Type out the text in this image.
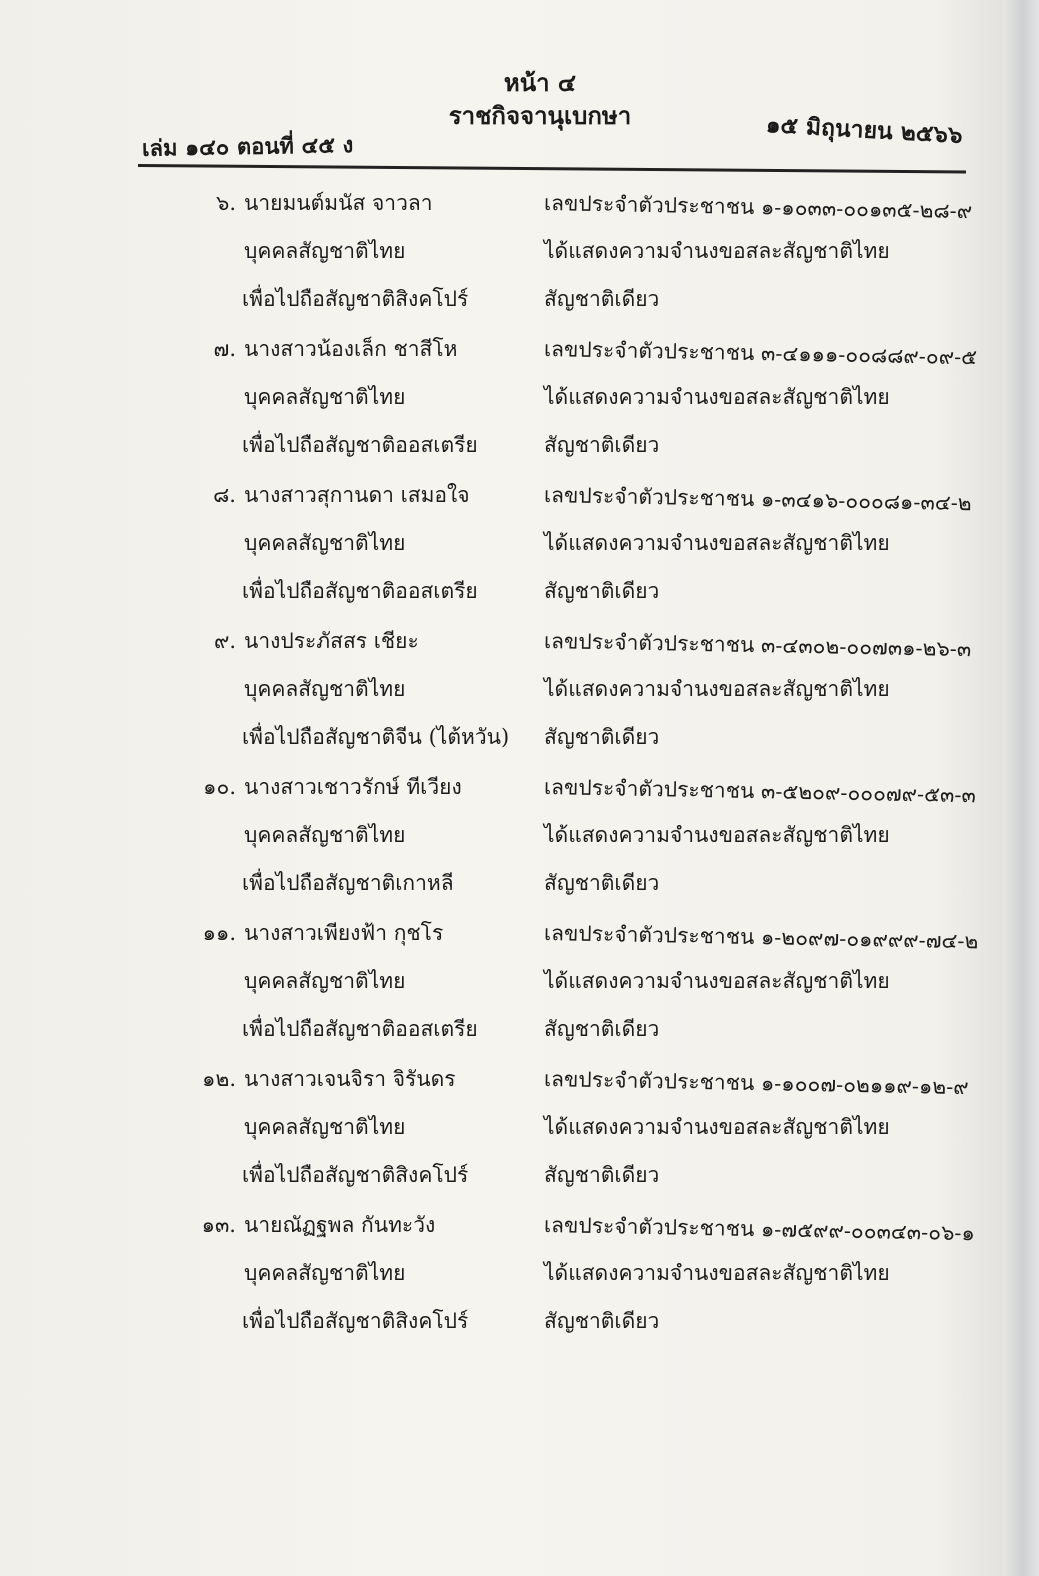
หน้า ๔
ราชกิจจานุเบกษา
เล่ม ๑๔๐ ตอนที่ ๔๕ ง	๑๕ มิถุนายน ๒๕๖๖
๖. นายมนต์มนัส จาวลา
บุคคลสัญชาติไทย
เพื่อไปถือสัญชาติสิงคโปร์
เลขประจำตัวประชาชน ๑-๑๐๓๓-๐๐๑๓๕-๒๘-๙
ได้แสดงความจำนงขอสละสัญชาติไทย
สัญชาติเดียว
๗. นางสาวน้องเล็ก ชาสีโห
บุคคลสัญชาติไทย
เพื่อไปถือสัญชาติออสเตรีย
เลขประจำตัวประชาชน ๓-๔๑๑๑-๐๐๘๘๙-๐๙-๕
ได้แสดงความจำนงขอสละสัญชาติไทย
สัญชาติเดียว
๘. นางสาวสุกานดา เสมอใจ
บุคคลสัญชาติไทย
เพื่อไปถือสัญชาติออสเตรีย
เลขประจำตัวประชาชน ๑-๓๔๑๖-๐๐๐๘๑-๓๔-๒
ได้แสดงความจำนงขอสละสัญชาติไทย
สัญชาติเดียว
๙. นางประภัสสร เชียะ
บุคคลสัญชาติไทย
เพื่อไปถือสัญชาติจีน (ไต้หวัน)
เลขประจำตัวประชาชน ๓-๔๓๐๒-๐๐๗๓๑-๒๖-๓
ได้แสดงความจำนงขอสละสัญชาติไทย
สัญชาติเดียว
๑๐. นางสาวเชาวรักษ์ ทีเวียง
บุคคลสัญชาติไทย
เพื่อไปถือสัญชาติเกาหลี
เลขประจำตัวประชาชน ๓-๕๒๐๙-๐๐๐๗๙-๕๓-๓
ได้แสดงความจำนงขอสละสัญชาติไทย
สัญชาติเดียว
๑๑. นางสาวเพียงฟ้า กุชโร
บุคคลสัญชาติไทย
เพื่อไปถือสัญชาติออสเตรีย
เลขประจำตัวประชาชน ๑-๒๐๙๗-๐๑๙๙๙-๗๔-๒
ได้แสดงความจำนงขอสละสัญชาติไทย
สัญชาติเดียว
๑๒. นางสาวเจนจิรา จิรันดร
บุคคลสัญชาติไทย
เพื่อไปถือสัญชาติสิงคโปร์
เลขประจำตัวประชาชน ๑-๑๐๐๗-๐๒๑๑๙-๑๒-๙
ได้แสดงความจำนงขอสละสัญชาติไทย
สัญชาติเดียว
๑๓. นายณัฏฐพล กันทะวัง
บุคคลสัญชาติไทย
เพื่อไปถือสัญชาติสิงคโปร์
เลขประจำตัวประชาชน ๑-๗๕๙๙-๐๐๓๔๓-๐๖-๑
ได้แสดงความจำนงขอสละสัญชาติไทย
สัญชาติเดียว
